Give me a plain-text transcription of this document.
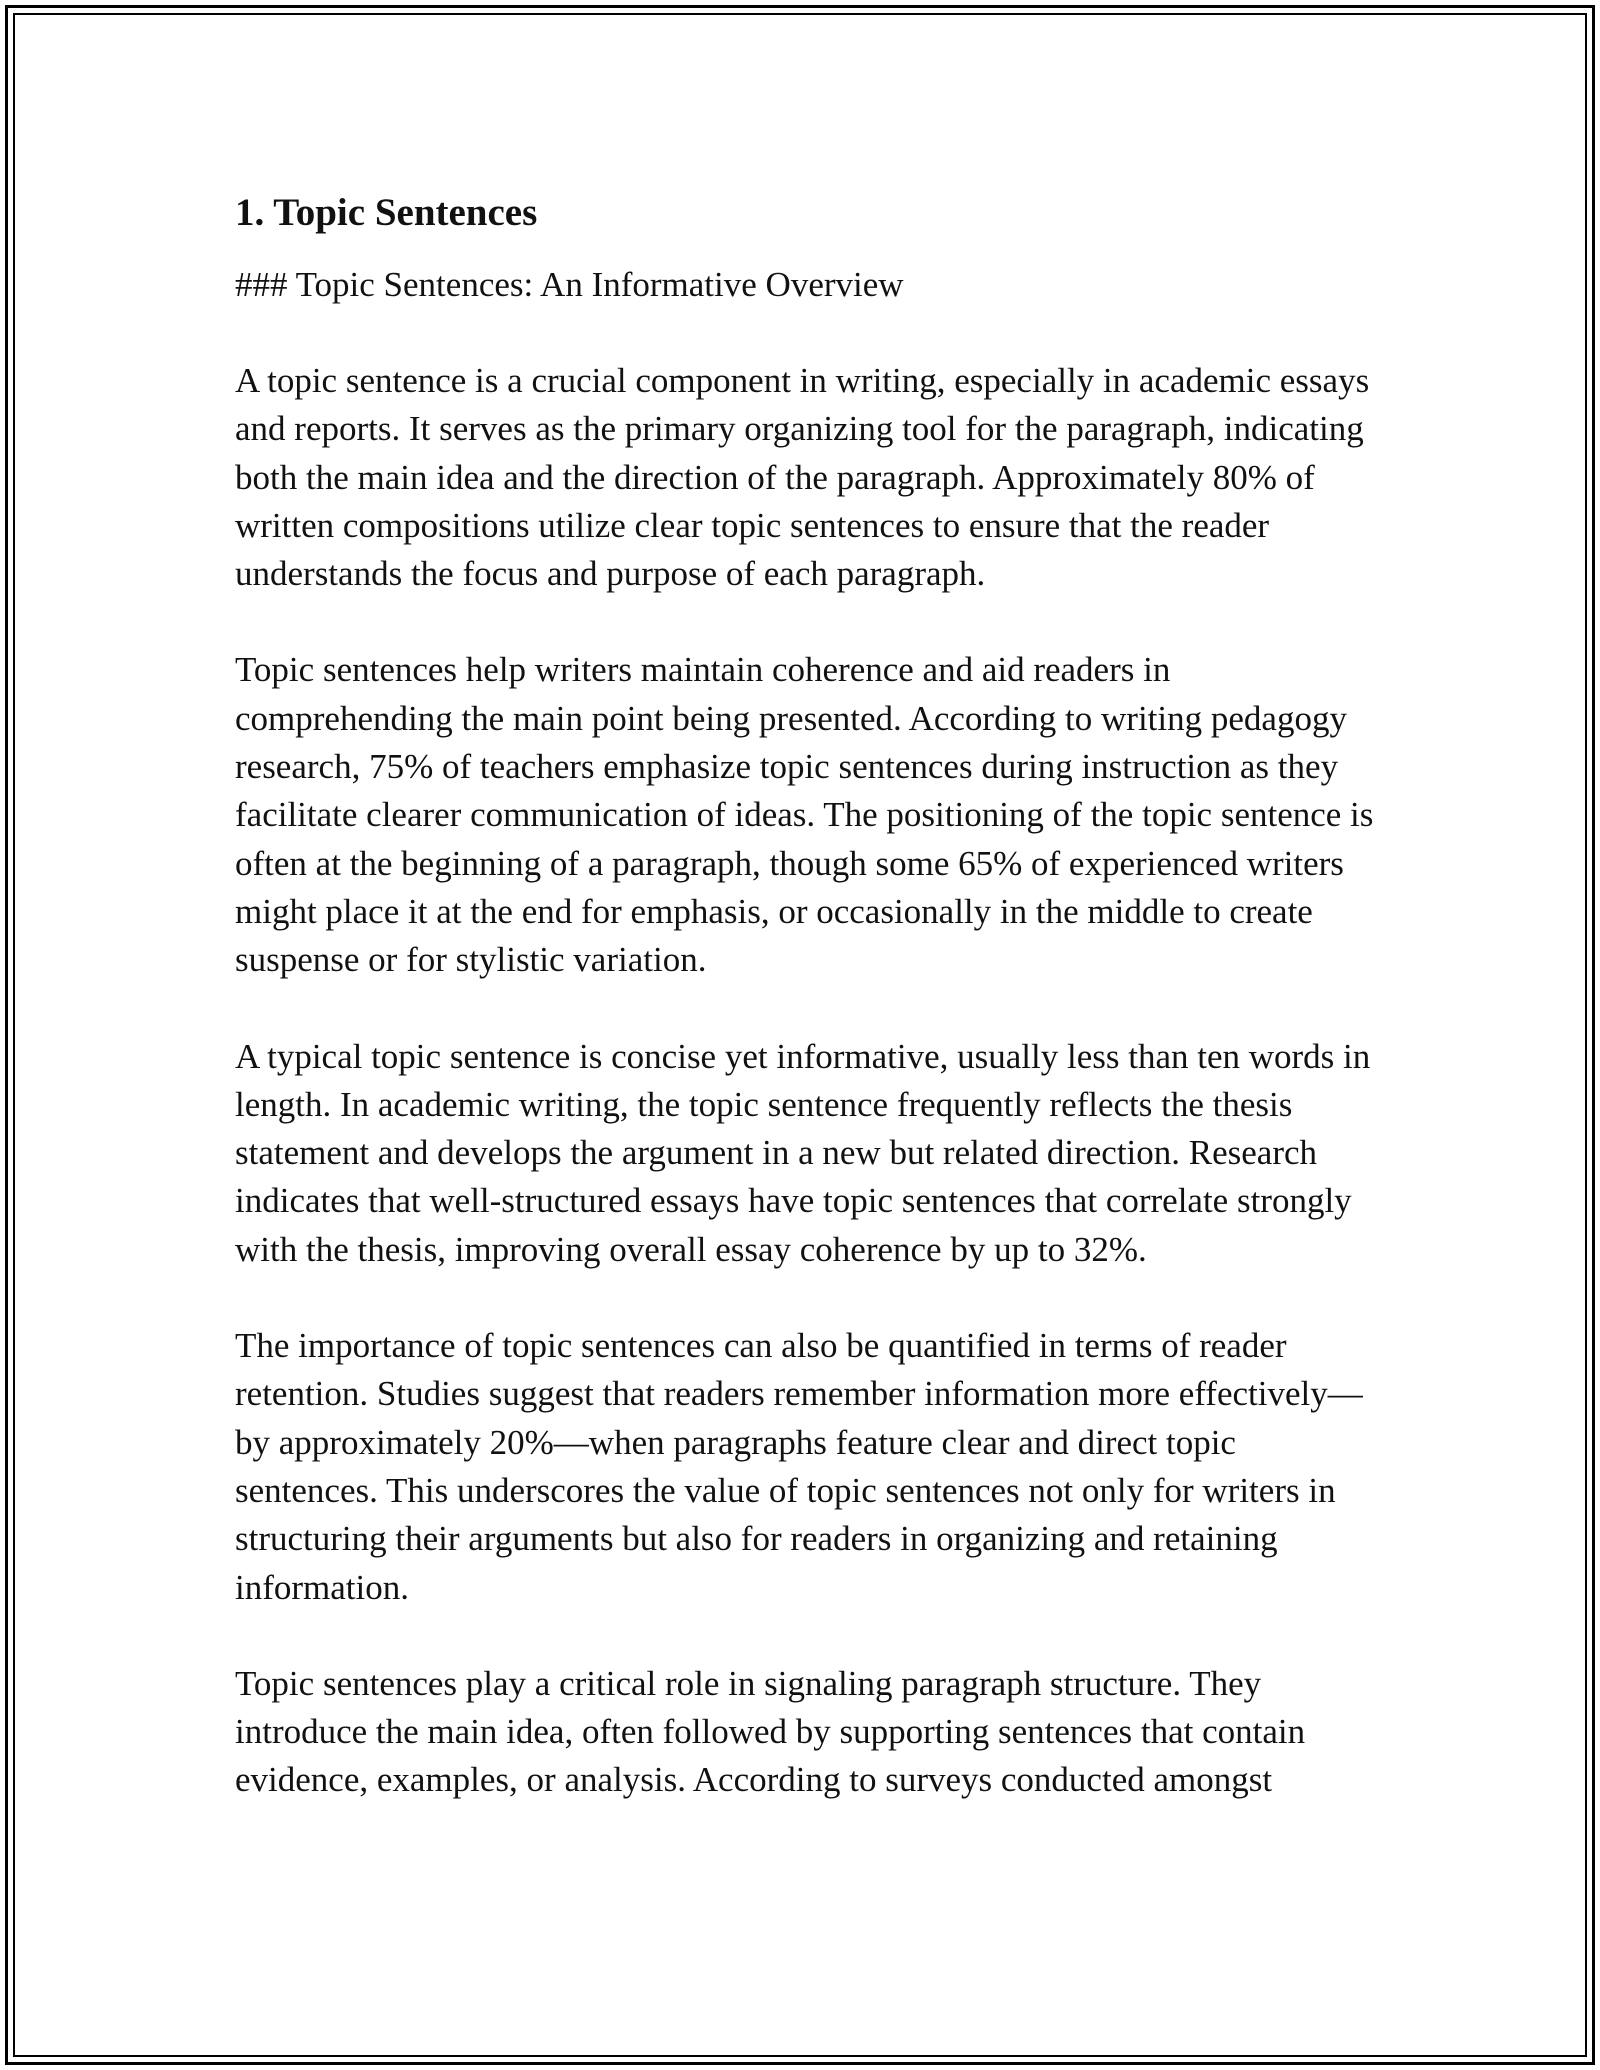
1. Topic Sentences

### Topic Sentences: An Informative Overview

A topic sentence is a crucial component in writing, especially in academic essays and reports. It serves as the primary organizing tool for the paragraph, indicating both the main idea and the direction of the paragraph. Approximately 80% of written compositions utilize clear topic sentences to ensure that the reader understands the focus and purpose of each paragraph.

Topic sentences help writers maintain coherence and aid readers in comprehending the main point being presented. According to writing pedagogy research, 75% of teachers emphasize topic sentences during instruction as they facilitate clearer communication of ideas. The positioning of the topic sentence is often at the beginning of a paragraph, though some 65% of experienced writers might place it at the end for emphasis, or occasionally in the middle to create suspense or for stylistic variation.

A typical topic sentence is concise yet informative, usually less than ten words in length. In academic writing, the topic sentence frequently reflects the thesis statement and develops the argument in a new but related direction. Research indicates that well-structured essays have topic sentences that correlate strongly with the thesis, improving overall essay coherence by up to 32%.

The importance of topic sentences can also be quantified in terms of reader retention. Studies suggest that readers remember information more effectively—by approximately 20%—when paragraphs feature clear and direct topic sentences. This underscores the value of topic sentences not only for writers in structuring their arguments but also for readers in organizing and retaining information.

Topic sentences play a critical role in signaling paragraph structure. They introduce the main idea, often followed by supporting sentences that contain evidence, examples, or analysis. According to surveys conducted amongst
